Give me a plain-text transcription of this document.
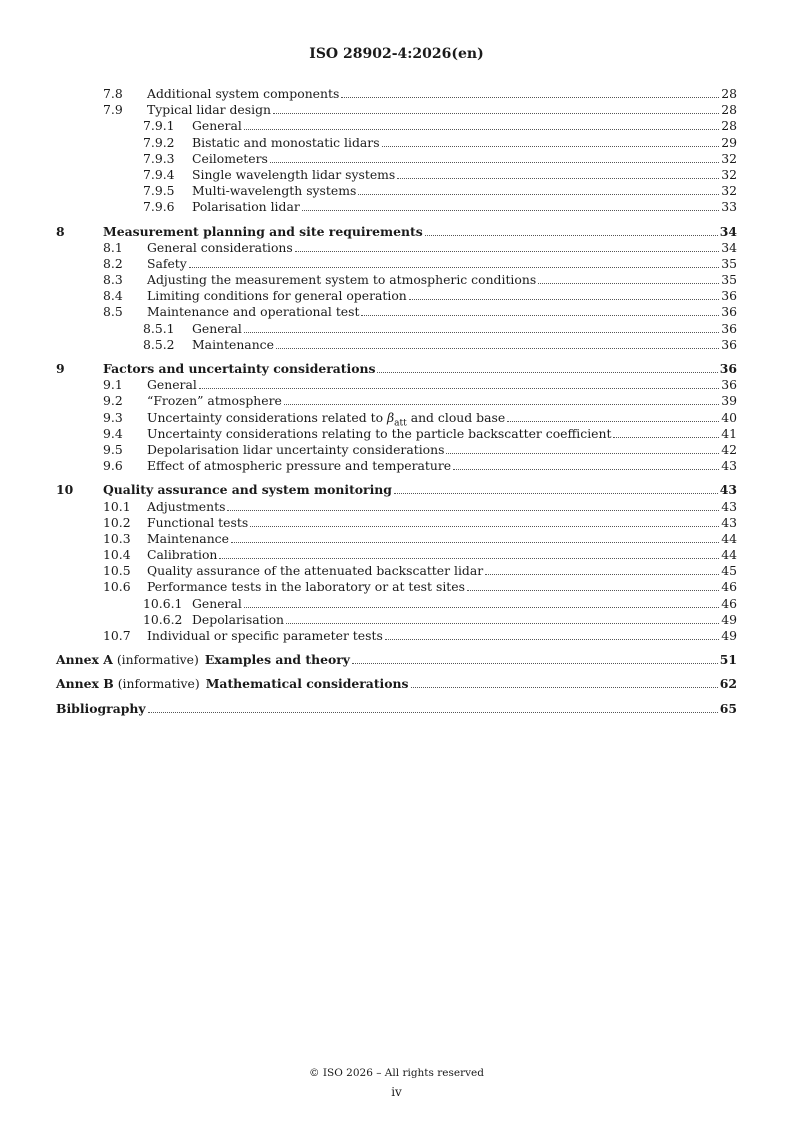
ISO 28902-4:2026(en)
7.8	Additional system components	28
7.9	Typical lidar design	28
7.9.1	General	28
7.9.2	Bistatic and monostatic lidars	29
7.9.3	Ceilometers	32
7.9.4	Single wavelength lidar systems	32
7.9.5	Multi-wavelength systems	32
7.9.6	Polarisation lidar	33
8	Measurement planning and site requirements	34
8.1	General considerations	34
8.2	Safety	35
8.3	Adjusting the measurement system to atmospheric conditions	35
8.4	Limiting conditions for general operation	36
8.5	Maintenance and operational test	36
8.5.1	General	36
8.5.2	Maintenance	36
9	Factors and uncertainty considerations	36
9.1	General	36
9.2	“Frozen” atmosphere	39
9.3	Uncertainty considerations related to $\beta_{att}$ and cloud base	40
9.4	Uncertainty considerations relating to the particle backscatter coefficient	41
9.5	Depolarisation lidar uncertainty considerations	42
9.6	Effect of atmospheric pressure and temperature	43
10	Quality assurance and system monitoring	43
10.1	Adjustments	43
10.2	Functional tests	43
10.3	Maintenance	44
10.4	Calibration	44
10.5	Quality assurance of the attenuated backscatter lidar	45
10.6	Performance tests in the laboratory or at test sites	46
10.6.1 General	46
10.6.2 Depolarisation	49
10.7	Individual or specific parameter tests	49
Annex A (informative) Examples and theory	51
Annex B (informative) Mathematical considerations	62
Bibliography	65
© ISO 2026 – All rights reserved
iv
